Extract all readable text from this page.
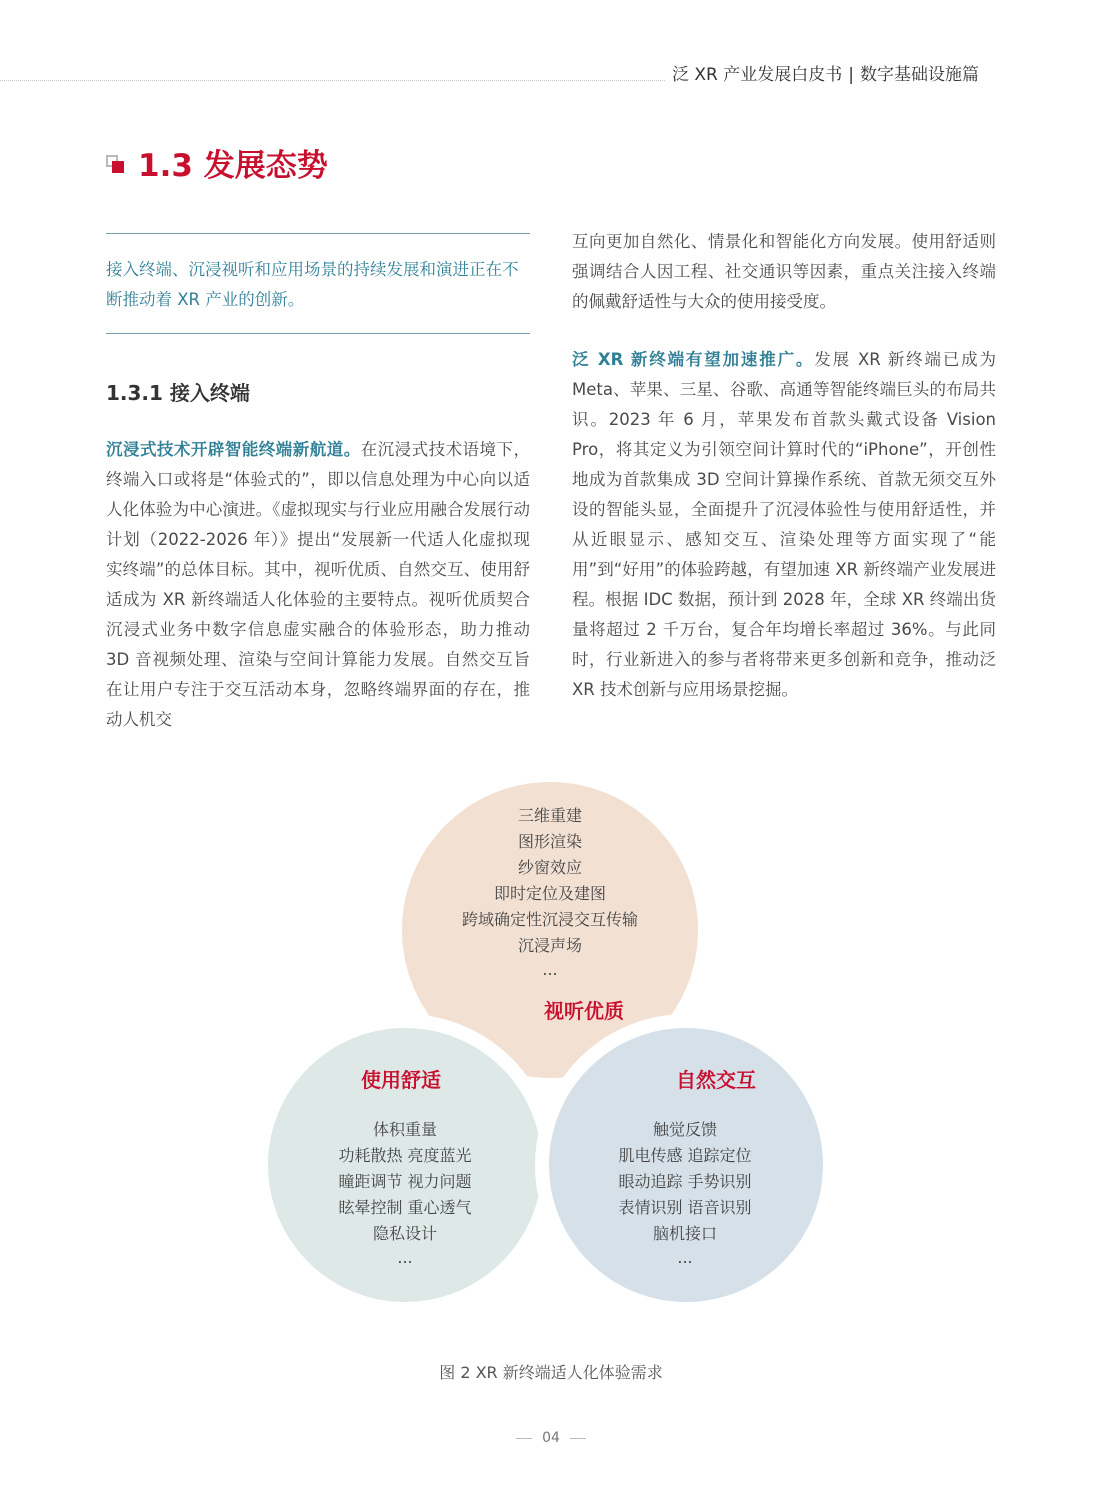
泛 XR 产业发展白皮书 | 数字基础设施篇
1.3 发展态势
接入终端、沉浸视听和应用场景的持续发展和演进正在不断推动着 XR 产业的创新。
1.3.1 接入终端
沉浸式技术开辟智能终端新航道。在沉浸式技术语境下，终端入口或将是“体验式的”，即以信息处理为中心向以适人化体验为中心演进。《虚拟现实与行业应用融合发展行动计划（2022-2026 年）》提出“发展新一代适人化虚拟现实终端”的总体目标。其中，视听优质、自然交互、使用舒适成为 XR 新终端适人化体验的主要特点。视听优质契合沉浸式业务中数字信息虚实融合的体验形态，助力推动 3D 音视频处理、渲染与空间计算能力发展。自然交互旨在让用户专注于交互活动本身，忽略终端界面的存在，推动人机交
互向更加自然化、情景化和智能化方向发展。使用舒适则强调结合人因工程、社交通识等因素，重点关注接入终端的佩戴舒适性与大众的使用接受度。
泛 XR 新终端有望加速推广。发展 XR 新终端已成为 Meta、苹果、三星、谷歌、高通等智能终端巨头的布局共识。2023 年 6 月，苹果发布首款头戴式设备 Vision Pro，将其定义为引领空间计算时代的“iPhone”，开创性地成为首款集成 3D 空间计算操作系统、首款无须交互外设的智能头显，全面提升了沉浸体验性与使用舒适性，并从近眼显示、感知交互、渲染处理等方面实现了“能用”到“好用”的体验跨越，有望加速 XR 新终端产业发展进程。根据 IDC 数据，预计到 2028 年，全球 XR 终端出货量将超过 2 千万台，复合年均增长率超过 36%。与此同时，行业新进入的参与者将带来更多创新和竞争，推动泛 XR 技术创新与应用场景挖掘。
三维重建
图形渲染
纱窗效应
即时定位及建图
跨域确定性沉浸交互传输
沉浸声场
...
视听优质
使用舒适
体积重量
功耗散热 亮度蓝光
瞳距调节 视力问题
眩晕控制 重心透气
隐私设计
...
自然交互
触觉反馈
肌电传感 追踪定位
眼动追踪 手势识别
表情识别 语音识别
脑机接口
...
图 2 XR 新终端适人化体验需求
04
